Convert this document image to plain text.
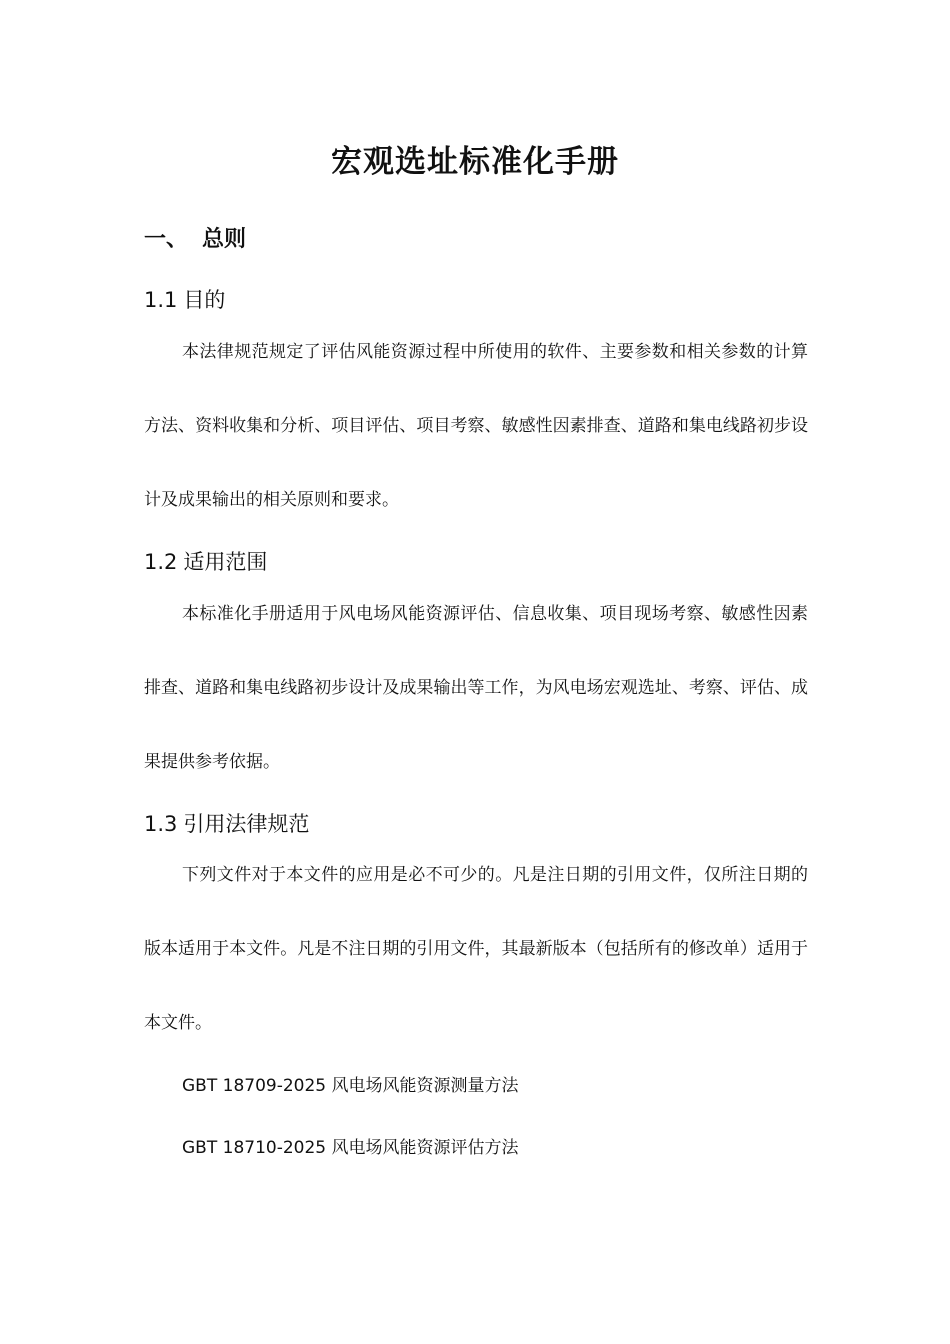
宏观选址标准化手册
一、 总则
1.1 目的

本法律规范规定了评估风能资源过程中所使用的软件、主要参数和相关参数的计算方法、资料收集和分析、项目评估、项目考察、敏感性因素排查、道路和集电线路初步设计及成果输出的相关原则和要求。

1.2 适用范围

本标准化手册适用于风电场风能资源评估、信息收集、项目现场考察、敏感性因素排查、道路和集电线路初步设计及成果输出等工作，为风电场宏观选址、考察、评估、成果提供参考依据。

1.3 引用法律规范

下列文件对于本文件的应用是必不可少的。凡是注日期的引用文件，仅所注日期的版本适用于本文件。凡是不注日期的引用文件，其最新版本（包括所有的修改单）适用于本文件。

GBT 18709-2025 风电场风能资源测量方法

GBT 18710-2025 风电场风能资源评估方法
